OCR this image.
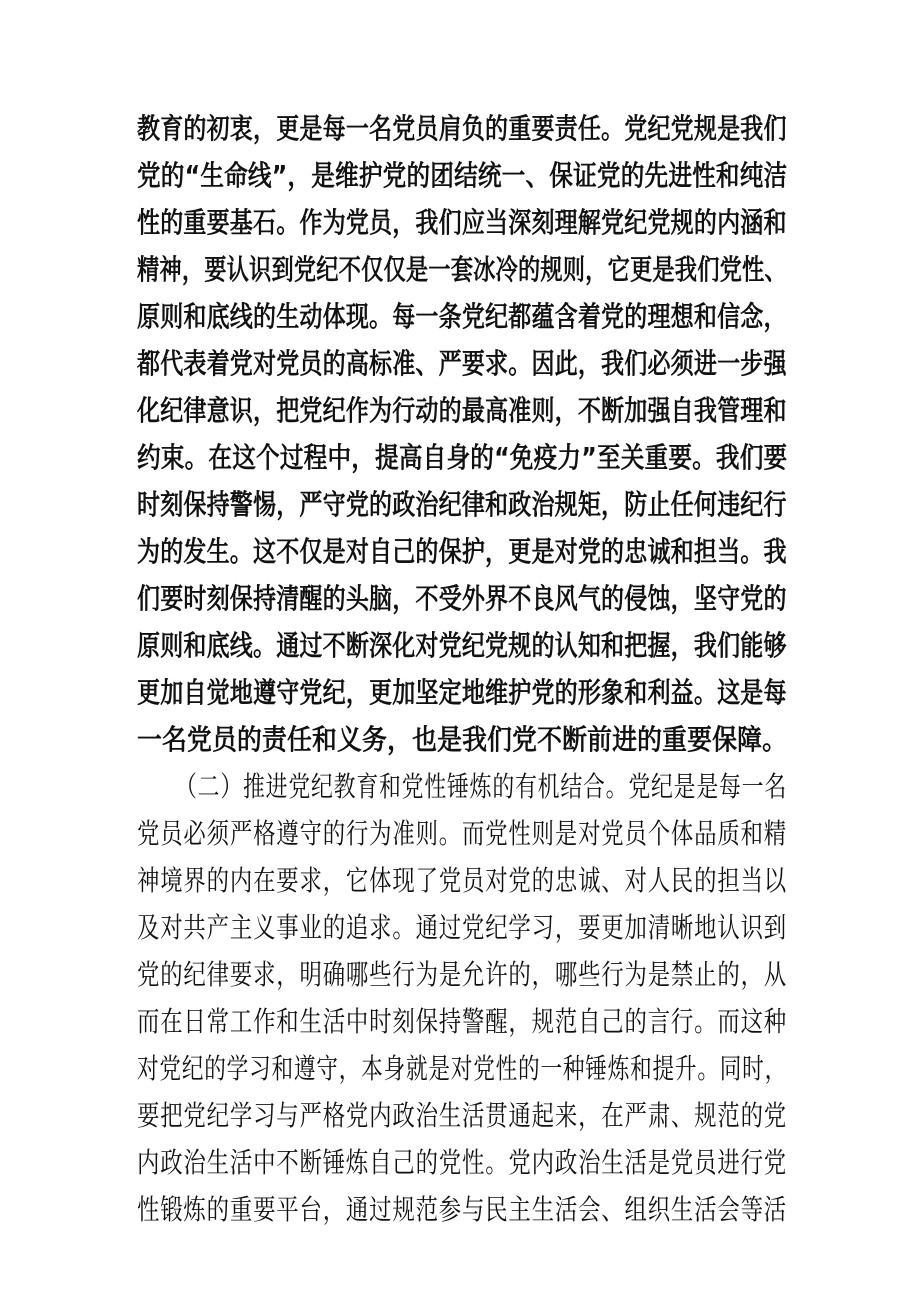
教育的初衷，更是每一名党员肩负的重要责任。党纪党规是我们
党的“生命线”，是维护党的团结统一、保证党的先进性和纯洁
性的重要基石。作为党员，我们应当深刻理解党纪党规的内涵和
精神，要认识到党纪不仅仅是一套冰冷的规则，它更是我们党性、
原则和底线的生动体现。每一条党纪都蕴含着党的理想和信念，
都代表着党对党员的高标准、严要求。因此，我们必须进一步强
化纪律意识，把党纪作为行动的最高准则，不断加强自我管理和
约束。在这个过程中，提高自身的“免疫力”至关重要。我们要
时刻保持警惕，严守党的政治纪律和政治规矩，防止任何违纪行
为的发生。这不仅是对自己的保护，更是对党的忠诚和担当。我
们要时刻保持清醒的头脑，不受外界不良风气的侵蚀，坚守党的
原则和底线。通过不断深化对党纪党规的认知和把握，我们能够
更加自觉地遵守党纪，更加坚定地维护党的形象和利益。这是每
一名党员的责任和义务，也是我们党不断前进的重要保障。
（二）推进党纪教育和党性锤炼的有机结合。党纪是是每一名
党员必须严格遵守的行为准则。而党性则是对党员个体品质和精
神境界的内在要求，它体现了党员对党的忠诚、对人民的担当以
及对共产主义事业的追求。通过党纪学习，要更加清晰地认识到
党的纪律要求，明确哪些行为是允许的，哪些行为是禁止的，从
而在日常工作和生活中时刻保持警醒，规范自己的言行。而这种
对党纪的学习和遵守，本身就是对党性的一种锤炼和提升。同时，
要把党纪学习与严格党内政治生活贯通起来，在严肃、规范的党
内政治生活中不断锤炼自己的党性。党内政治生活是党员进行党
性锻炼的重要平台，通过规范参与民主生活会、组织生活会等活
